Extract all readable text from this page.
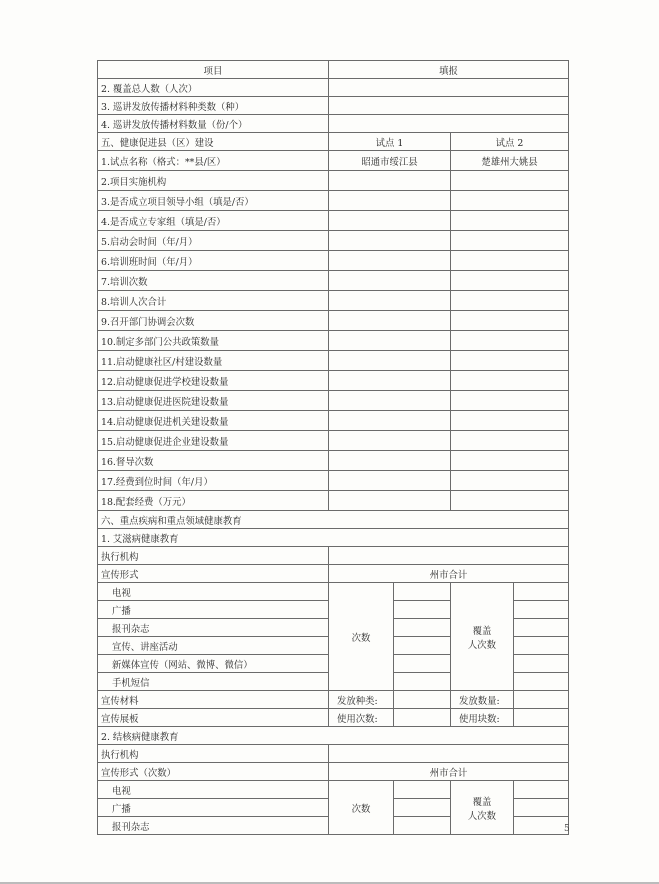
项目	填报			
2. 覆盖总人数（人次）				
3. 巡讲发放传播材料种类数（种）				
4. 巡讲发放传播材料数量（份/个）				
五、健康促进县（区）建设	试点 1		试点 2	
1.试点名称（格式：**县/区）	昭通市绥江县		楚雄州大姚县	
2.项目实施机构				
3.是否成立项目领导小组（填是/否）				
4.是否成立专家组（填是/否）				
5.启动会时间（年/月）				
6.培训班时间（年/月）				
7.培训次数				
8.培训人次合计				
9.召开部门协调会次数				
10.制定多部门公共政策数量				
11.启动健康社区/村建设数量				
12.启动健康促进学校建设数量				
13.启动健康促进医院建设数量				
14.启动健康促进机关建设数量				
15.启动健康促进企业建设数量				
16.督导次数				
17.经费到位时间（年/月）				
18.配套经费（万元）				
六、重点疾病和重点领域健康教育				
1. 艾滋病健康教育				
执行机构				
宣传形式	州市合计			
电视	次数		覆盖
人次数	

广播				
报刊杂志				
宣传、讲座活动				
新媒体宣传（网站、微博、微信）				
手机短信				
宣传材料	发放种类:		发放数量:	
宣传展板	使用次数:		使用块数:	
2. 结核病健康教育				
执行机构				
宣传形式（次数）	州市合计			
电视	次数		覆盖
人次数	

广播				
报刊杂志					5
